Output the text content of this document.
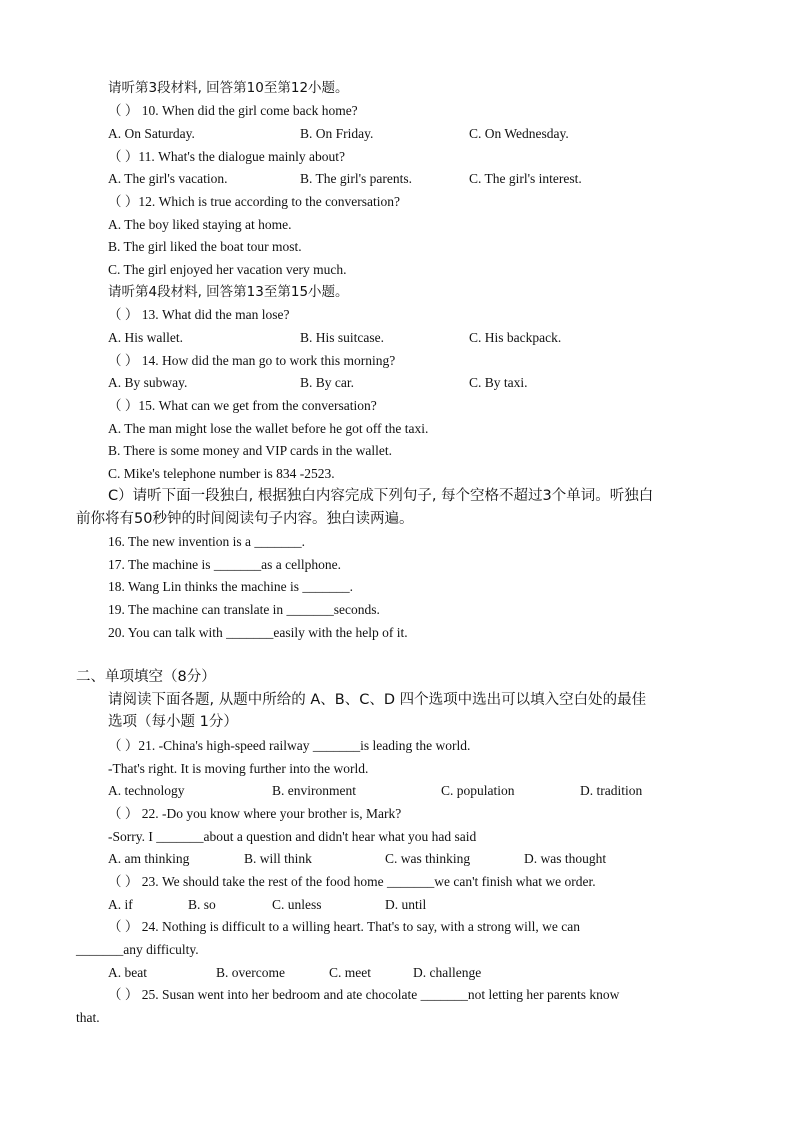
请听第3段材料, 回答第10至第12小题。
（ ） 10. When did the girl come back home?
A. On Saturday.	B. On Friday.	C. On Wednesday.
（ ）11. What's the dialogue mainly about?
A. The girl's vacation.	B. The girl's parents.	C. The girl's interest.
（ ）12. Which is true according to the conversation?
A. The boy liked staying at home.
B. The girl liked the boat tour most.
C. The girl enjoyed her vacation very much.
请听第4段材料, 回答第13至第15小题。
（ ） 13. What did the man lose?
A. His wallet.	B. His suitcase.	C. His backpack.
（ ） 14. How did the man go to work this morning?
A. By subway.	B. By car.	C. By taxi.
（ ）15. What can we get from the conversation?
A. The man might lose the wallet before he got off the taxi.
B. There is some money and VIP cards in the wallet.
C. Mike's telephone number is 834 -2523.
C）请听下面一段独白, 根据独白内容完成下列句子, 每个空格不超过3个单词。听独白
前你将有50秒钟的时间阅读句子内容。独白读两遍。
16. The new invention is a _______.
17. The machine is _______as a cellphone.
18. Wang Lin thinks the machine is _______.
19. The machine can translate in _______seconds.
20. You can talk with _______easily with the help of it.
二、单项填空（8分）
请阅读下面各题, 从题中所给的 A、B、C、D 四个选项中选出可以填入空白处的最佳
选项（每小题 1分）
（ ）21. -China's high-speed railway _______is leading the world.
-That's right. It is moving further into the world.
A. technology	B. environment	C. population	D. tradition
（ ） 22. -Do you know where your brother is, Mark?
-Sorry. I _______about a question and didn't hear what you had said
A. am thinking	B. will think	C. was thinking	D. was thought
（ ） 23. We should take the rest of the food home _______we can't finish what we order.
A. if	B. so	C. unless	D. until
（ ） 24. Nothing is difficult to a willing heart. That's to say, with a strong will, we can
_______any difficulty.
A. beat	B. overcome	C. meet	D. challenge
（ ） 25. Susan went into her bedroom and ate chocolate _______not letting her parents know
that.
